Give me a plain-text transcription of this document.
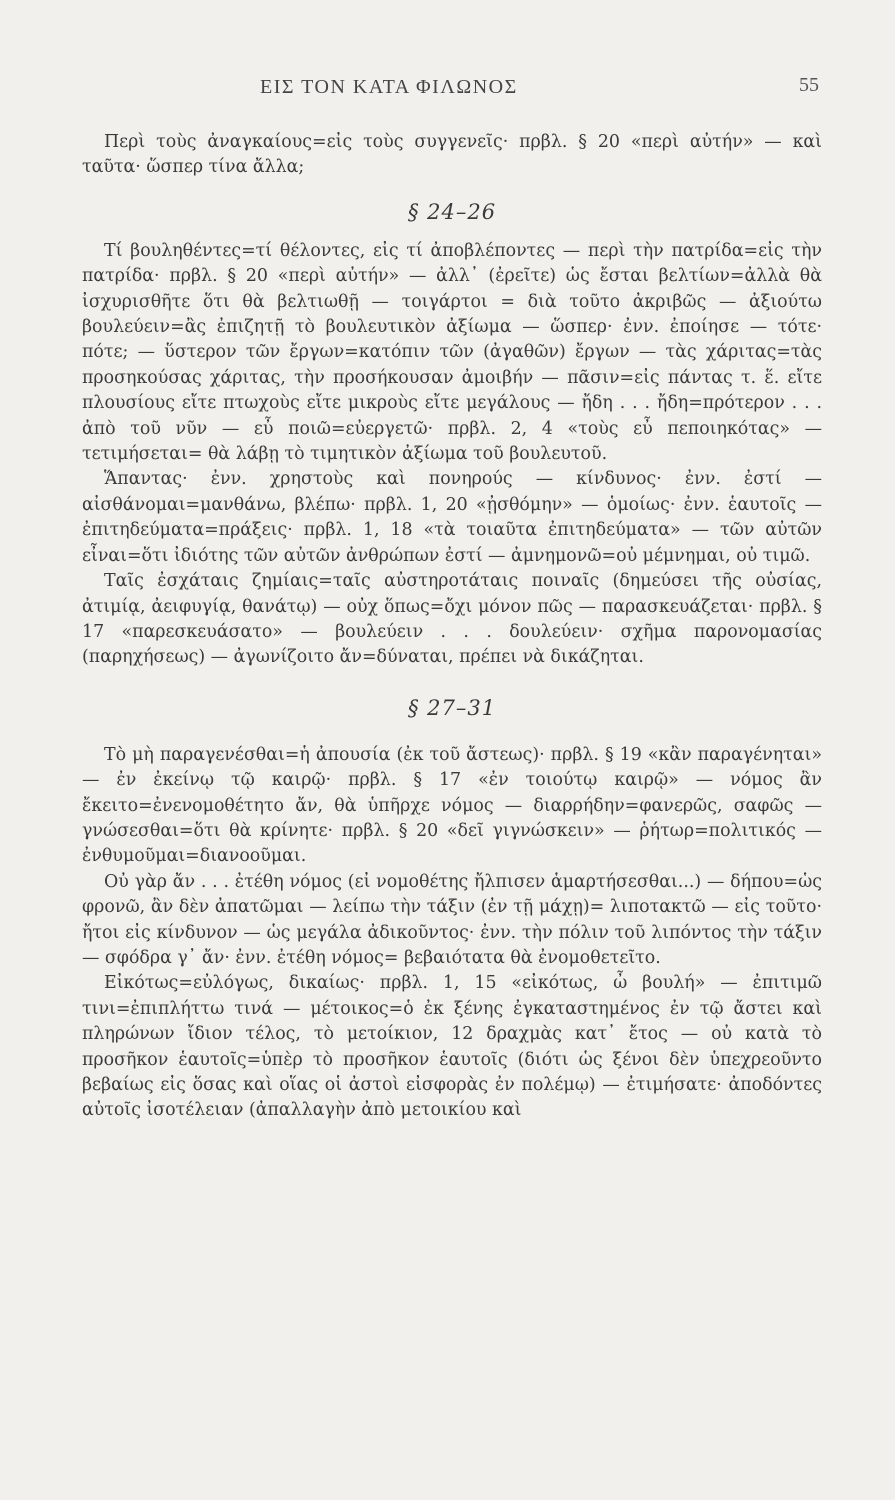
ΕΙΣ ΤΟΝ ΚΑΤΑ ΦΙΛΩΝΟΣ	55

Περὶ τοὺς ἀναγκαίους=εἰς τοὺς συγγενεῖς· πρβλ. § 20 «περὶ αὐτήν» — καὶ ταῦτα· ὥσπερ τίνα ἄλλα;

§ 24–26

Τί βουληθέντες=τί θέλοντες, εἰς τί ἀποβλέποντες — περὶ τὴν πατρίδα=εἰς τὴν πατρίδα· πρβλ. § 20 «περὶ αὐτήν» — ἀλλ᾽ (ἐρεῖτε) ὡς ἔσται βελτίων=ἀλλὰ θὰ ἰσχυρισθῆτε ὅτι θὰ βελτιωθῇ — τοιγάρτοι = διὰ τοῦτο ἀκριβῶς — ἀξιούτω βουλεύειν=ἂς ἐπιζητῇ τὸ βουλευτικὸν ἀξίωμα — ὥσπερ· ἐνν. ἐποίησε — τότε· πότε; — ὕστερον τῶν ἔργων=κατόπιν τῶν (ἀγαθῶν) ἔργων — τὰς χάριτας=τὰς προσηκούσας χάριτας, τὴν προσήκουσαν ἀμοιβήν — πᾶσιν=εἰς πάντας τ. ἕ. εἴτε πλουσίους εἴτε πτωχοὺς εἴτε μικροὺς εἴτε μεγάλους — ἤδη . . . ἤδη=πρότερον . . . ἀπὸ τοῦ νῦν — εὖ ποιῶ=εὐεργετῶ· πρβλ. 2, 4 «τοὺς εὖ πεποιηκότας» — τετιμήσεται= θὰ λάβῃ τὸ τιμητικὸν ἀξίωμα τοῦ βουλευτοῦ.

Ἅπαντας· ἐνν. χρηστοὺς καὶ πονηρούς — κίνδυνος· ἐνν. ἐστί — αἰσθάνομαι=μανθάνω, βλέπω· πρβλ. 1, 20 «ᾐσθόμην» — ὁμοίως· ἐνν. ἑαυτοῖς — ἐπιτηδεύματα=πράξεις· πρβλ. 1, 18 «τὰ τοιαῦτα ἐπιτηδεύματα» — τῶν αὐτῶν εἶναι=ὅτι ἰδιότης τῶν αὐτῶν ἀνθρώπων ἐστί — ἀμνημονῶ=οὐ μέμνημαι, οὐ τιμῶ.

Ταῖς ἐσχάταις ζημίαις=ταῖς αὐστηροτάταις ποιναῖς (δημεύσει τῆς οὐσίας, ἀτιμίᾳ, ἀειφυγίᾳ, θανάτῳ) — οὐχ ὅπως=ὄχι μόνον πῶς — παρασκευάζεται· πρβλ. § 17 «παρεσκευάσατο» — βουλεύειν . . . δουλεύειν· σχῆμα παρονομασίας (παρηχήσεως) — ἀγωνίζοιτο ἄν=δύναται, πρέπει νὰ δικάζηται.

§ 27–31

Τὸ μὴ παραγενέσθαι=ἡ ἀπουσία (ἐκ τοῦ ἄστεως)· πρβλ. § 19 «κἂν παραγένηται» — ἐν ἐκείνῳ τῷ καιρῷ· πρβλ. § 17 «ἐν τοιούτῳ καιρῷ» — νόμος ἂν ἔκειτο=ἐνενομοθέτητο ἄν, θὰ ὑπῆρχε νόμος — διαρρήδην=φανερῶς, σαφῶς — γνώσεσθαι=ὅτι θὰ κρίνητε· πρβλ. § 20 «δεῖ γιγνώσκειν» — ῥήτωρ=πολιτικός — ἐνθυμοῦμαι=διανοοῦμαι.

Οὐ γὰρ ἄν . . . ἐτέθη νόμος (εἰ νομοθέτης ἤλπισεν ἁμαρτήσεσθαι...) — δήπου=ὡς φρονῶ, ἂν δὲν ἀπατῶμαι — λείπω τὴν τάξιν (ἐν τῇ μάχῃ)= λιποτακτῶ — εἰς τοῦτο· ἤτοι εἰς κίνδυνον — ὡς μεγάλα ἀδικοῦντος· ἐνν. τὴν πόλιν τοῦ λιπόντος τὴν τάξιν — σφόδρα γ᾽ ἄν· ἐνν. ἐτέθη νόμος= βεβαιότατα θὰ ἐνομοθετεῖτο.

Εἰκότως=εὐλόγως, δικαίως· πρβλ. 1, 15 «εἰκότως, ὦ βουλή» — ἐπιτιμῶ τινι=ἐπιπλήττω τινά — μέτοικος=ὁ ἐκ ξένης ἐγκαταστημένος ἐν τῷ ἄστει καὶ πληρώνων ἴδιον τέλος, τὸ μετοίκιον, 12 δραχμὰς κατ᾽ ἔτος — οὐ κατὰ τὸ προσῆκον ἑαυτοῖς=ὑπὲρ τὸ προσῆκον ἑαυτοῖς (διότι ὡς ξένοι δὲν ὑπεχρεοῦντο βεβαίως εἰς ὅσας καὶ οἵας οἱ ἀστοὶ εἰσφορὰς ἐν πολέμῳ) — ἐτιμήσατε· ἀποδόντες αὐτοῖς ἰσοτέλειαν (ἀπαλλαγὴν ἀπὸ μετοικίου καὶ
